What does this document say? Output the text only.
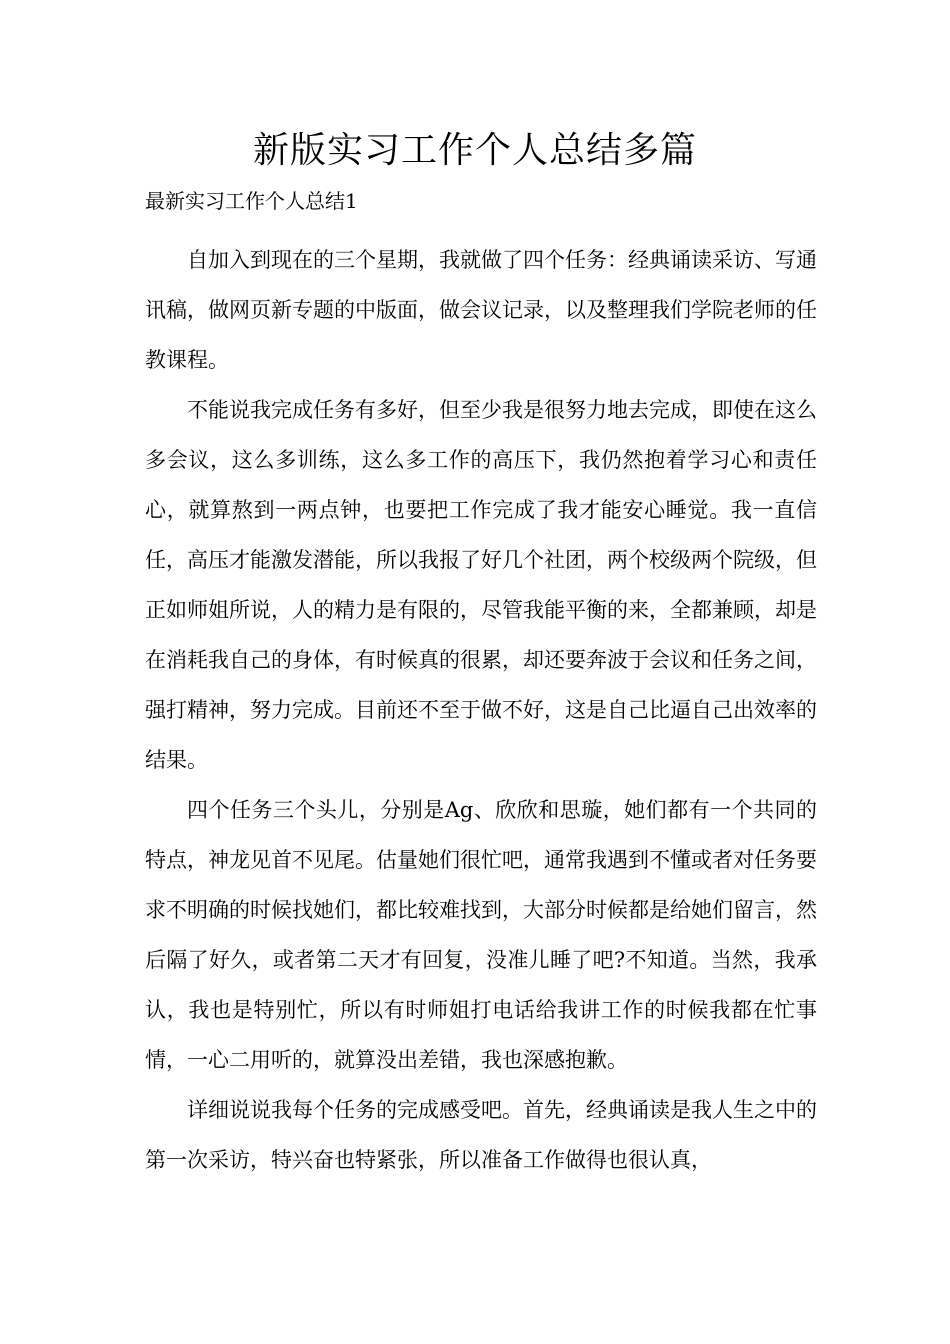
新版实习工作个人总结多篇
最新实习工作个人总结1

自加入到现在的三个星期，我就做了四个任务：经典诵读采访、写通讯稿，做网页新专题的中版面，做会议记录，以及整理我们学院老师的任教课程。

不能说我完成任务有多好，但至少我是很努力地去完成，即使在这么多会议，这么多训练，这么多工作的高压下，我仍然抱着学习心和责任心，就算熬到一两点钟，也要把工作完成了我才能安心睡觉。我一直信任，高压才能激发潜能，所以我报了好几个社团，两个校级两个院级，但正如师姐所说，人的精力是有限的，尽管我能平衡的来，全都兼顾，却是在消耗我自己的身体，有时候真的很累，却还要奔波于会议和任务之间，强打精神，努力完成。目前还不至于做不好，这是自己比逼自己出效率的结果。

四个任务三个头儿，分别是Ag、欣欣和思璇，她们都有一个共同的特点，神龙见首不见尾。估量她们很忙吧，通常我遇到不懂或者对任务要求不明确的时候找她们，都比较难找到，大部分时候都是给她们留言，然后隔了好久，或者第二天才有回复，没准儿睡了吧?不知道。当然，我承认，我也是特别忙，所以有时师姐打电话给我讲工作的时候我都在忙事情，一心二用听的，就算没出差错，我也深感抱歉。

详细说说我每个任务的完成感受吧。首先，经典诵读是我人生之中的第一次采访，特兴奋也特紧张，所以准备工作做得也很认真，
